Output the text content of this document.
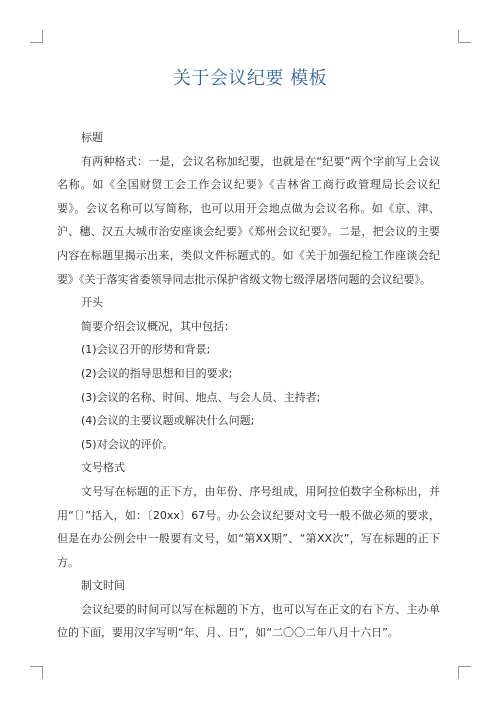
关于会议纪要 模板

标题

有两种格式：一是，会议名称加纪要，也就是在“纪要”两个字前写上会议名称。如《全国财贸工会工作会议纪要》《吉林省工商行政管理局长会议纪要》。会议名称可以写简称，也可以用开会地点做为会议名称。如《京、津、沪、穗、汉五大城市治安座谈会纪要》《郑州会议纪要》。二是，把会议的主要内容在标题里揭示出来，类似文件标题式的。如《关于加强纪检工作座谈会纪要》《关于落实省委领导同志批示保护省级文物七级浮屠塔问题的会议纪要》。

开头

简要介绍会议概况，其中包括：

(1)会议召开的形势和背景;

(2)会议的指导思想和目的要求;

(3)会议的名称、时间、地点、与会人员、主持者;

(4)会议的主要议题或解决什么问题;

(5)对会议的评价。

文号格式

文号写在标题的正下方，由年份、序号组成，用阿拉伯数字全称标出，并用“〔〕”括入，如：〔20xx〕67号。办公会议纪要对文号一般不做必须的要求，但是在办公例会中一般要有文号，如“第XX期”、“第XX次”，写在标题的正下方。

制文时间

会议纪要的时间可以写在标题的下方，也可以写在正文的右下方、主办单位的下面，要用汉字写明“年、月、日”，如“二〇〇二年八月十六日”。
